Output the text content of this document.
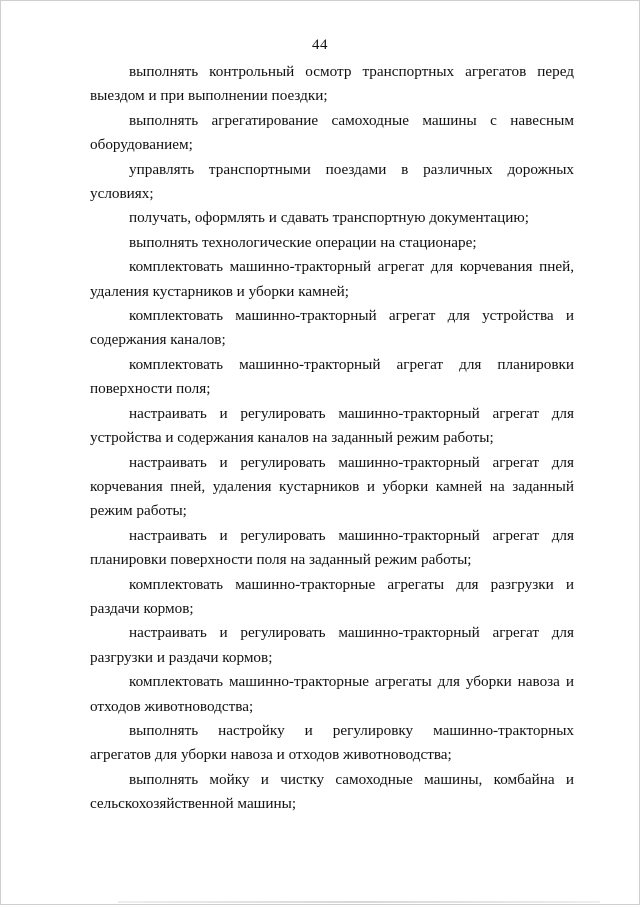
44

выполнять контрольный осмотр транспортных агрегатов перед выездом и при выполнении поездки;

выполнять агрегатирование самоходные машины с навесным оборудованием;

управлять транспортными поездами в различных дорожных условиях;

получать, оформлять и сдавать транспортную документацию;

выполнять технологические операции на стационаре;

комплектовать машинно-тракторный агрегат для корчевания пней, удаления кустарников и уборки камней;

комплектовать машинно-тракторный агрегат для устройства и содержания каналов;

комплектовать машинно-тракторный агрегат для планировки поверхности поля;

настраивать и регулировать машинно-тракторный агрегат для устройства и содержания каналов на заданный режим работы;

настраивать и регулировать машинно-тракторный агрегат для корчевания пней, удаления кустарников и уборки камней на заданный режим работы;

настраивать и регулировать машинно-тракторный агрегат для планировки поверхности поля на заданный режим работы;

комплектовать машинно-тракторные агрегаты для разгрузки и раздачи кормов;

настраивать и регулировать машинно-тракторный агрегат для разгрузки и раздачи кормов;

комплектовать машинно-тракторные агрегаты для уборки навоза и отходов животноводства;

выполнять настройку и регулировку машинно-тракторных агрегатов для уборки навоза и отходов животноводства;

выполнять мойку и чистку самоходные машины, комбайна и сельскохозяйственной машины;
